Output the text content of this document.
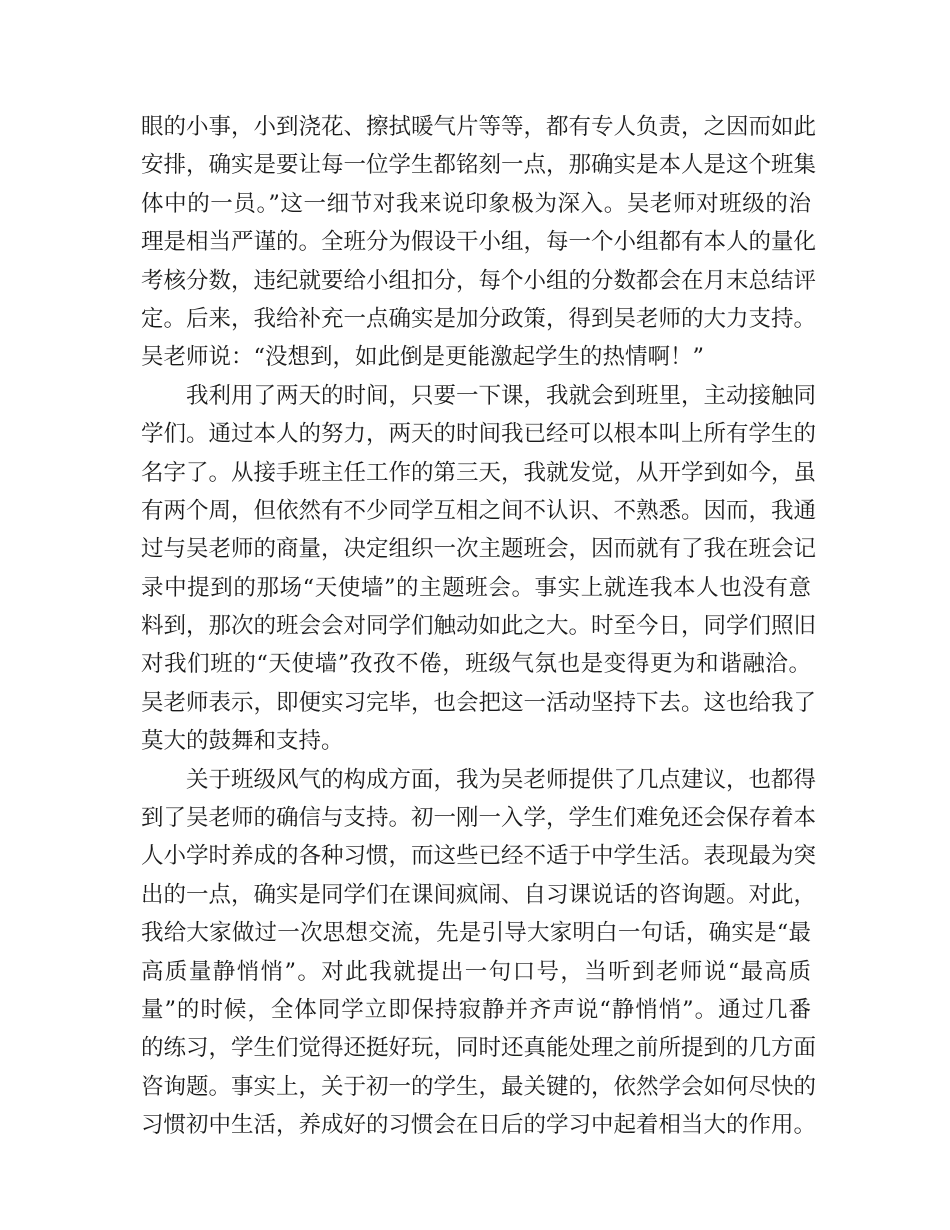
眼的小事，小到浇花、擦拭暖气片等等，都有专人负责，之因而如此
安排，确实是要让每一位学生都铭刻一点，那确实是本人是这个班集
体中的一员。”这一细节对我来说印象极为深入。吴老师对班级的治
理是相当严谨的。全班分为假设干小组，每一个小组都有本人的量化
考核分数，违纪就要给小组扣分，每个小组的分数都会在月末总结评
定。后来，我给补充一点确实是加分政策，得到吴老师的大力支持。
吴老师说：“没想到，如此倒是更能激起学生的热情啊！”
我利用了两天的时间，只要一下课，我就会到班里，主动接触同
学们。通过本人的努力，两天的时间我已经可以根本叫上所有学生的
名字了。从接手班主任工作的第三天，我就发觉，从开学到如今，虽
有两个周，但依然有不少同学互相之间不认识、不熟悉。因而，我通
过与吴老师的商量，决定组织一次主题班会，因而就有了我在班会记
录中提到的那场“天使墙”的主题班会。事实上就连我本人也没有意
料到，那次的班会会对同学们触动如此之大。时至今日，同学们照旧
对我们班的“天使墙”孜孜不倦，班级气氛也是变得更为和谐融洽。
吴老师表示，即便实习完毕，也会把这一活动坚持下去。这也给我了
莫大的鼓舞和支持。
关于班级风气的构成方面，我为吴老师提供了几点建议，也都得
到了吴老师的确信与支持。初一刚一入学，学生们难免还会保存着本
人小学时养成的各种习惯，而这些已经不适于中学生活。表现最为突
出的一点，确实是同学们在课间疯闹、自习课说话的咨询题。对此，
我给大家做过一次思想交流，先是引导大家明白一句话，确实是“最
高质量静悄悄”。对此我就提出一句口号，当听到老师说“最高质
量”的时候，全体同学立即保持寂静并齐声说“静悄悄”。通过几番
的练习，学生们觉得还挺好玩，同时还真能处理之前所提到的几方面
咨询题。事实上，关于初一的学生，最关键的，依然学会如何尽快的
习惯初中生活，养成好的习惯会在日后的学习中起着相当大的作用。
